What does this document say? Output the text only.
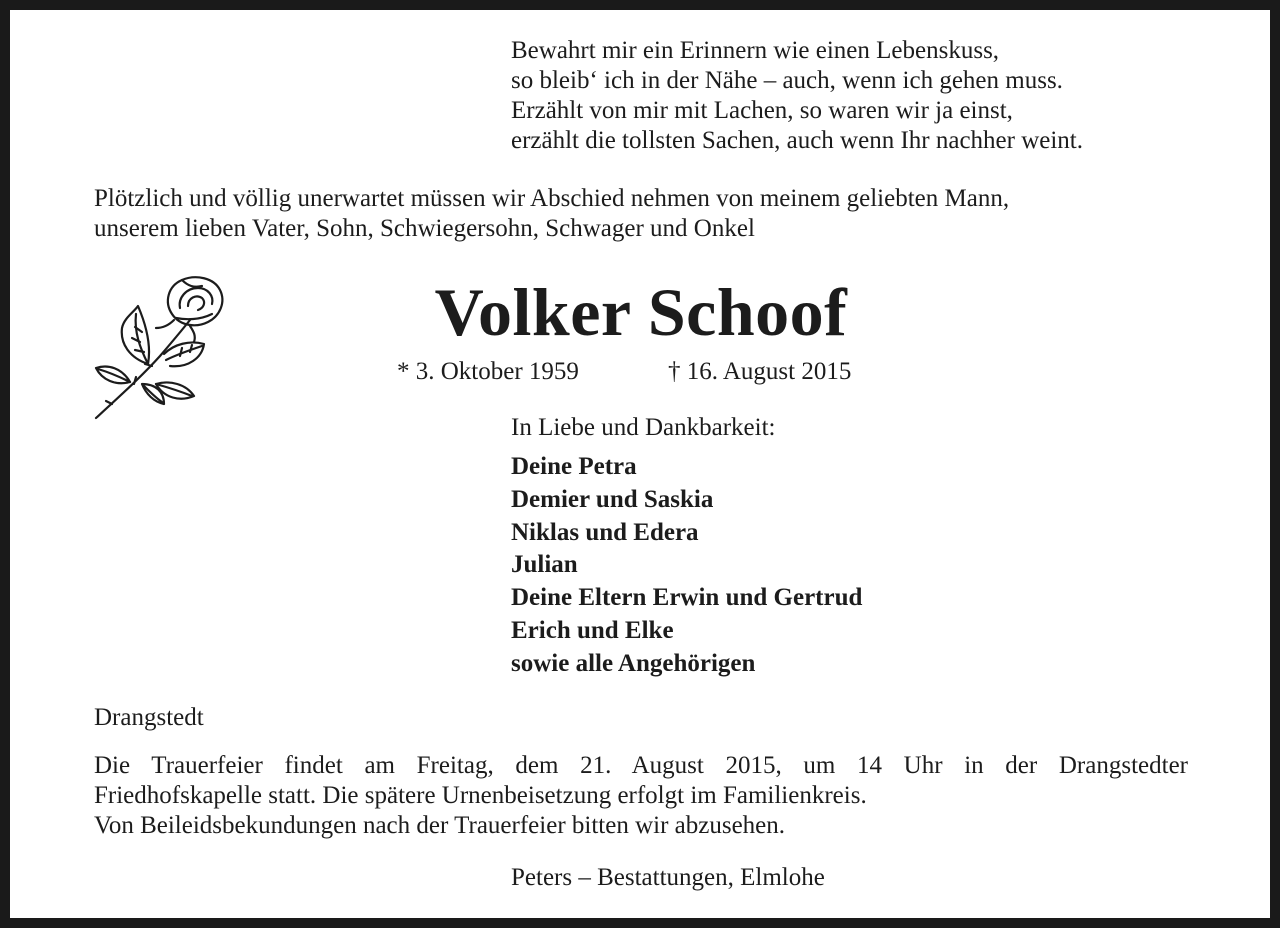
Bewahrt mir ein Erinnern wie einen Lebenskuss,
so bleib‘ ich in der Nähe – auch, wenn ich gehen muss.
Erzählt von mir mit Lachen, so waren wir ja einst,
erzählt die tollsten Sachen, auch wenn Ihr nachher weint.
Plötzlich und völlig unerwartet müssen wir Abschied nehmen von meinem geliebten Mann,
unserem lieben Vater, Sohn, Schwiegersohn, Schwager und Onkel
Volker Schoof
* 3. Oktober 1959	† 16. August 2015
In Liebe und Dankbarkeit:
Deine Petra
Demier und Saskia
Niklas und Edera
Julian
Deine Eltern Erwin und Gertrud
Erich und Elke
sowie alle Angehörigen
Drangstedt
Die Trauerfeier findet am Freitag, dem 21. August 2015, um 14 Uhr in der Drangstedter
Friedhofskapelle statt. Die spätere Urnenbeisetzung erfolgt im Familienkreis.
Von Beileidsbekundungen nach der Trauerfeier bitten wir abzusehen.
Peters – Bestattungen, Elmlohe
